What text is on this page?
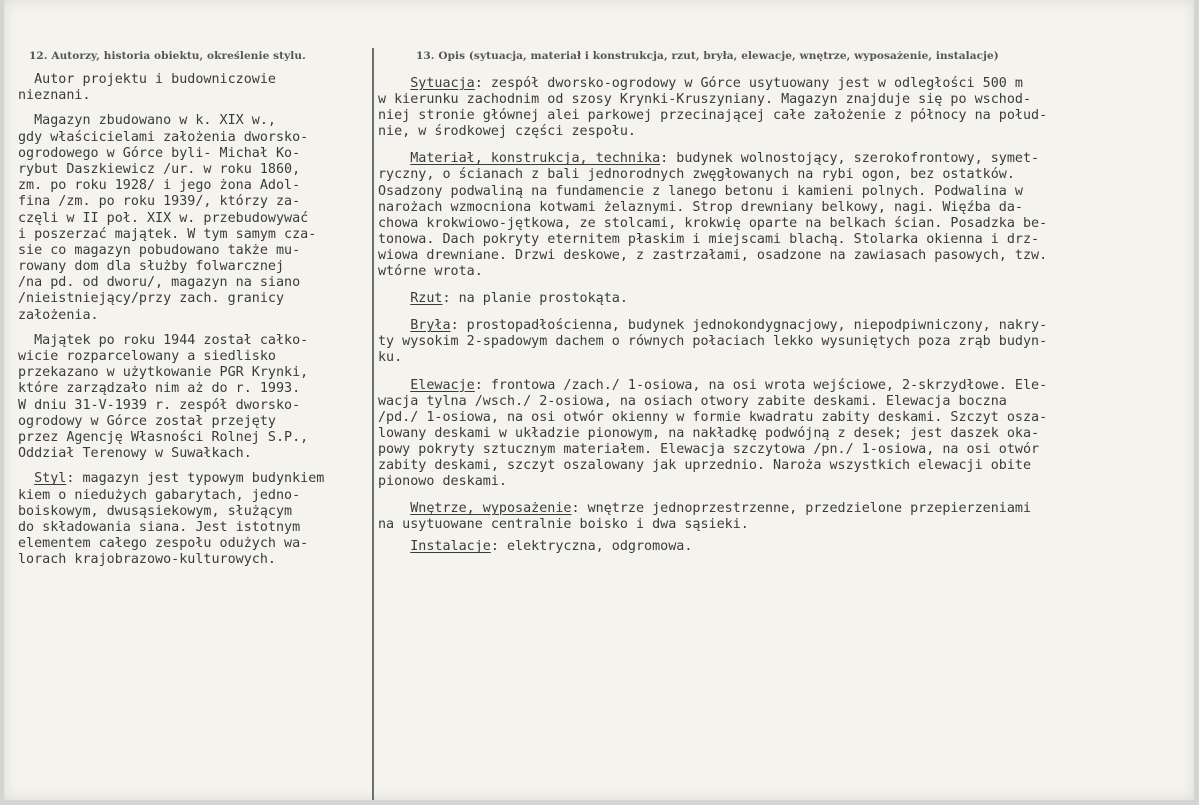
12. Autorzy, historia obiektu, określenie stylu.	13. Opis (sytuacja, materiał i konstrukcja, rzut, bryła, elewacje, wnętrze, wyposażenie, instalacje)
Autor projektu i budowniczowie
nieznani.
Magazyn zbudowano w k. XIX w.,
gdy właścicielami założenia dworsko-
ogrodowego w Górce byli- Michał Ko-
rybut Daszkiewicz /ur. w roku 1860,
zm. po roku 1928/ i jego żona Adol-
fina /zm. po roku 1939/, którzy za-
częli w II poł. XIX w. przebudowywać
i poszerzać majątek. W tym samym cza-
sie co magazyn pobudowano także mu-
rowany dom dla służby folwarcznej
/na pd. od dworu/, magazyn na siano
/nieistniejący/przy zach. granicy
założenia.
Majątek po roku 1944 został całko-
wicie rozparcelowany a siedlisko
przekazano w użytkowanie PGR Krynki,
które zarządzało nim aż do r. 1993.
W dniu 31-V-1939 r. zespół dworsko-
ogrodowy w Górce został przejęty
przez Agencję Własności Rolnej S.P.,
Oddział Terenowy w Suwałkach.
Styl: magazyn jest typowym budynkiem
kiem o niedużych gabarytach, jedno-
boiskowym, dwusąsiekowym, służącym
do składowania siana. Jest istotnym
elementem całego zespołu odużych wa-
lorach krajobrazowo-kulturowych.
Sytuacja: zespół dworsko-ogrodowy w Górce usytuowany jest w odległości 500 m
w kierunku zachodnim od szosy Krynki-Kruszyniany. Magazyn znajduje się po wschod-
niej stronie głównej alei parkowej przecinającej całe założenie z północy na połud-
nie, w środkowej części zespołu.
Materiał, konstrukcja, technika: budynek wolnostojący, szerokofrontowy, symet-
ryczny, o ścianach z bali jednorodnych zwęgłowanych na rybi ogon, bez ostatków.
Osadzony podwaliną na fundamencie z lanego betonu i kamieni polnych. Podwalina w
narożach wzmocniona kotwami żelaznymi. Strop drewniany belkowy, nagi. Więźba da-
chowa krokwiowo-jętkowa, ze stolcami, krokwię oparte na belkach ścian. Posadzka be-
tonowa. Dach pokryty eternitem płaskim i miejscami blachą. Stolarka okienna i drz-
wiowa drewniane. Drzwi deskowe, z zastrzałami, osadzone na zawiasach pasowych, tzw.
wtórne wrota.
Rzut: na planie prostokąta.
Bryła: prostopadłościenna, budynek jednokondygnacjowy, niepodpiwniczony, nakry-
ty wysokim 2-spadowym dachem o równych połaciach lekko wysuniętych poza zrąb budyn-
ku.
Elewacje: frontowa /zach./ 1-osiowa, na osi wrota wejściowe, 2-skrzydłowe. Ele-
wacja tylna /wsch./ 2-osiowa, na osiach otwory zabite deskami. Elewacja boczna
/pd./ 1-osiowa, na osi otwór okienny w formie kwadratu zabity deskami. Szczyt osza-
lowany deskami w układzie pionowym, na nakładkę podwójną z desek; jest daszek oka-
powy pokryty sztucznym materiałem. Elewacja szczytowa /pn./ 1-osiowa, na osi otwór
zabity deskami, szczyt oszalowany jak uprzednio. Naroża wszystkich elewacji obite
pionowo deskami.
Wnętrze, wyposażenie: wnętrze jednoprzestrzenne, przedzielone przepierzeniami
na usytuowane centralnie boisko i dwa sąsieki.
Instalacje: elektryczna, odgromowa.
